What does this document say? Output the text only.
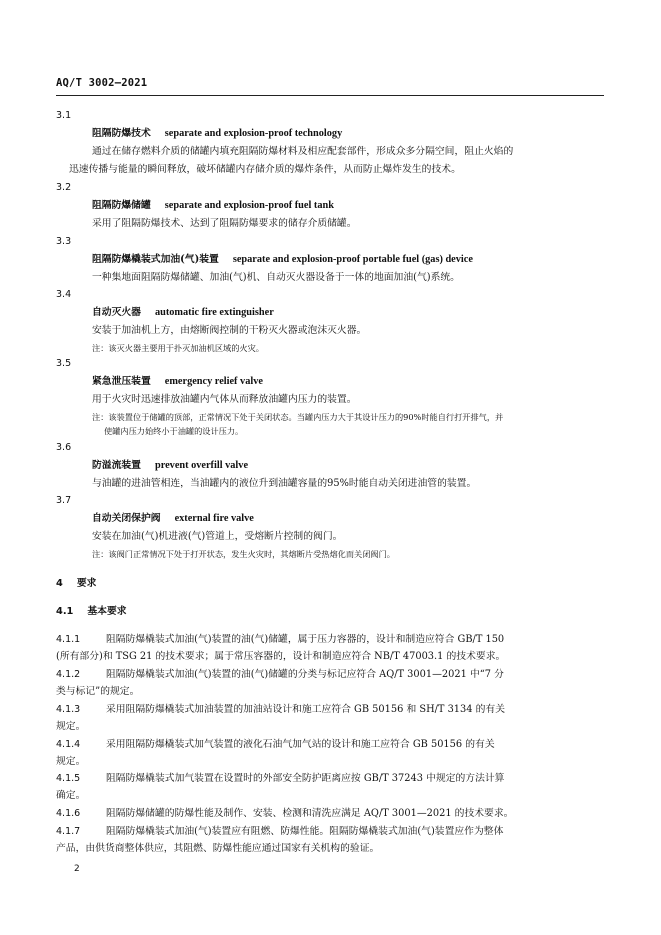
AQ/T 3002—2021
3.1
阻隔防爆技术 separate and explosion-proof technology
通过在储存燃料介质的储罐内填充阻隔防爆材料及相应配套部件，形成众多分隔空间，阻止火焰的
迅速传播与能量的瞬间释放，破坏储罐内存储介质的爆炸条件，从而防止爆炸发生的技术。
3.2
阻隔防爆储罐 separate and explosion-proof fuel tank
采用了阻隔防爆技术、达到了阻隔防爆要求的储存介质储罐。
3.3
阻隔防爆橇装式加油(气)装置 separate and explosion-proof portable fuel (gas) device
一种集地面阻隔防爆储罐、加油(气)机、自动灭火器设备于一体的地面加油(气)系统。
3.4
自动灭火器 automatic fire extinguisher
安装于加油机上方，由熔断阀控制的干粉灭火器或泡沫灭火器。
注：该灭火器主要用于扑灭加油机区域的火灾。
3.5
紧急泄压装置 emergency relief valve
用于火灾时迅速排放油罐内气体从而释放油罐内压力的装置。
注：该装置位于储罐的顶部，正常情况下处于关闭状态。当罐内压力大于其设计压力的90%时能自行打开排气，并
使罐内压力始终小于油罐的设计压力。
3.6
防溢流装置 prevent overfill valve
与油罐的进油管相连，当油罐内的液位升到油罐容量的95%时能自动关闭进油管的装置。
3.7
自动关闭保护阀 external fire valve
安装在加油(气)机进液(气)管道上，受熔断片控制的阀门。
注：该阀门正常情况下处于打开状态，发生火灾时，其熔断片受热熔化而关闭阀门。
4 要求
4.1 基本要求
4.1.1	阻隔防爆橇装式加油(气)装置的油(气)储罐，属于压力容器的，设计和制造应符合 GB/T 150
(所有部分)和 TSG 21 的技术要求；属于常压容器的，设计和制造应符合 NB/T 47003.1 的技术要求。
4.1.2	阻隔防爆橇装式加油(气)装置的油(气)储罐的分类与标记应符合 AQ/T 3001—2021 中“7 分
类与标记”的规定。
4.1.3	采用阻隔防爆橇装式加油装置的加油站设计和施工应符合 GB 50156 和 SH/T 3134 的有关
规定。
4.1.4	采用阻隔防爆橇装式加气装置的液化石油气加气站的设计和施工应符合 GB 50156 的有关
规定。
4.1.5	阻隔防爆橇装式加气装置在设置时的外部安全防护距离应按 GB/T 37243 中规定的方法计算
确定。
4.1.6	阻隔防爆储罐的防爆性能及制作、安装、检测和清洗应满足 AQ/T 3001—2021 的技术要求。
4.1.7	阻隔防爆橇装式加油(气)装置应有阻燃、防爆性能。阻隔防爆橇装式加油(气)装置应作为整体
产品，由供货商整体供应，其阻燃、防爆性能应通过国家有关机构的验证。
2
